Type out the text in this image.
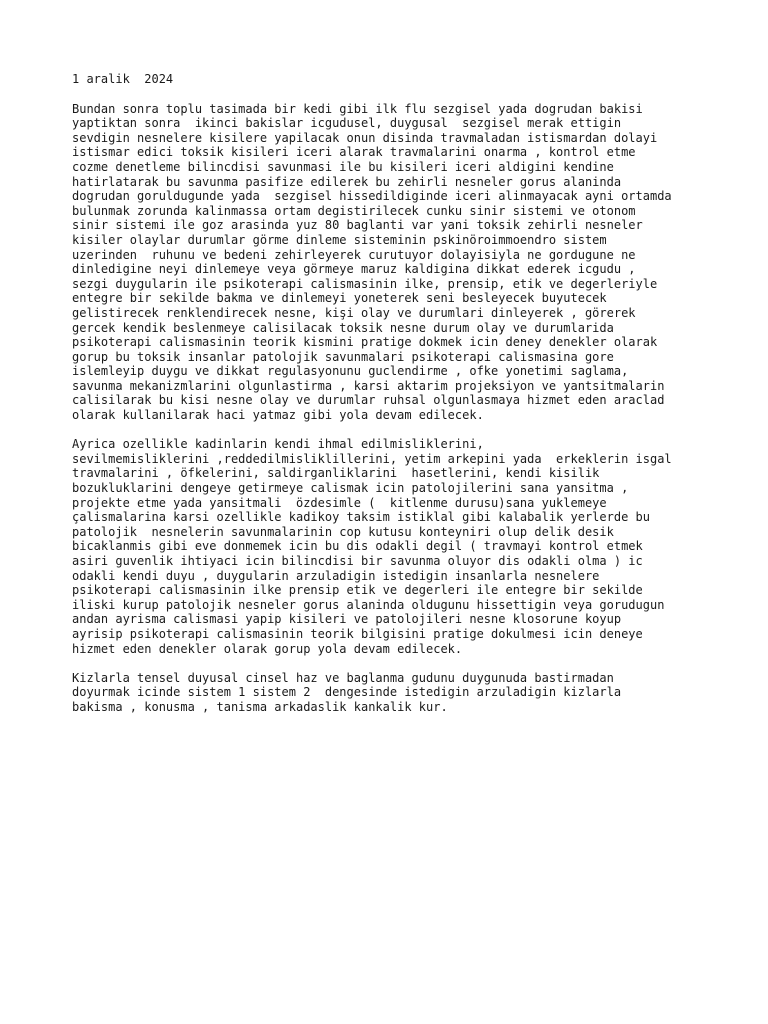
1 aralik  2024
Bundan sonra toplu tasimada bir kedi gibi ilk flu sezgisel yada dogrudan bakisi
yaptiktan sonra  ikinci bakislar icgudusel, duygusal  sezgisel merak ettigin
sevdigin nesnelere kisilere yapilacak onun disinda travmaladan istismardan dolayi
istismar edici toksik kisileri iceri alarak travmalarini onarma , kontrol etme
cozme denetleme bilincdisi savunmasi ile bu kisileri iceri aldigini kendine
hatirlatarak bu savunma pasifize edilerek bu zehirli nesneler gorus alaninda
dogrudan goruldugunde yada  sezgisel hissedildiginde iceri alinmayacak ayni ortamda
bulunmak zorunda kalinmassa ortam degistirilecek cunku sinir sistemi ve otonom
sinir sistemi ile goz arasinda yuz 80 baglanti var yani toksik zehirli nesneler
kisiler olaylar durumlar görme dinleme sisteminin pskinöroimmoendro sistem
uzerinden  ruhunu ve bedeni zehirleyerek curutuyor dolayisiyla ne gordugune ne
dinledigine neyi dinlemeye veya görmeye maruz kaldigina dikkat ederek icgudu ,
sezgi duygularin ile psikoterapi calismasinin ilke, prensip, etik ve degerleriyle
entegre bir sekilde bakma ve dinlemeyi yoneterek seni besleyecek buyutecek
gelistirecek renklendirecek nesne, kişi olay ve durumlari dinleyerek , görerek
gercek kendik beslenmeye calisilacak toksik nesne durum olay ve durumlarida
psikoterapi calismasinin teorik kismini pratige dokmek icin deney denekler olarak
gorup bu toksik insanlar patolojik savunmalari psikoterapi calismasina gore
islemleyip duygu ve dikkat regulasyonunu guclendirme , ofke yonetimi saglama,
savunma mekanizmlarini olgunlastirma , karsi aktarim projeksiyon ve yantsitmalarin
calisilarak bu kisi nesne olay ve durumlar ruhsal olgunlasmaya hizmet eden araclad
olarak kullanilarak haci yatmaz gibi yola devam edilecek.
Ayrica ozellikle kadinlarin kendi ihmal edilmisliklerini,
sevilmemisliklerini ,reddedilmisliklillerini, yetim arkepini yada  erkeklerin isgal
travmalarini , öfkelerini, saldirganliklarini  hasetlerini, kendi kisilik
bozukluklarini dengeye getirmeye calismak icin patolojilerini sana yansitma ,
projekte etme yada yansitmali  özdesimle (  kitlenme durusu)sana yuklemeye
çalismalarina karsi ozellikle kadikoy taksim istiklal gibi kalabalik yerlerde bu
patolojik  nesnelerin savunmalarinin cop kutusu konteyniri olup delik desik
bicaklanmis gibi eve donmemek icin bu dis odakli degil ( travmayi kontrol etmek
asiri guvenlik ihtiyaci icin bilincdisi bir savunma oluyor dis odakli olma ) ic
odakli kendi duyu , duygularin arzuladigin istedigin insanlarla nesnelere
psikoterapi calismasinin ilke prensip etik ve degerleri ile entegre bir sekilde
iliski kurup patolojik nesneler gorus alaninda oldugunu hissettigin veya gorudugun
andan ayrisma calismasi yapip kisileri ve patolojileri nesne klosorune koyup
ayrisip psikoterapi calismasinin teorik bilgisini pratige dokulmesi icin deneye
hizmet eden denekler olarak gorup yola devam edilecek.
Kizlarla tensel duyusal cinsel haz ve baglanma gudunu duygunuda bastirmadan
doyurmak icinde sistem 1 sistem 2  dengesinde istedigin arzuladigin kizlarla
bakisma , konusma , tanisma arkadaslik kankalik kur.
